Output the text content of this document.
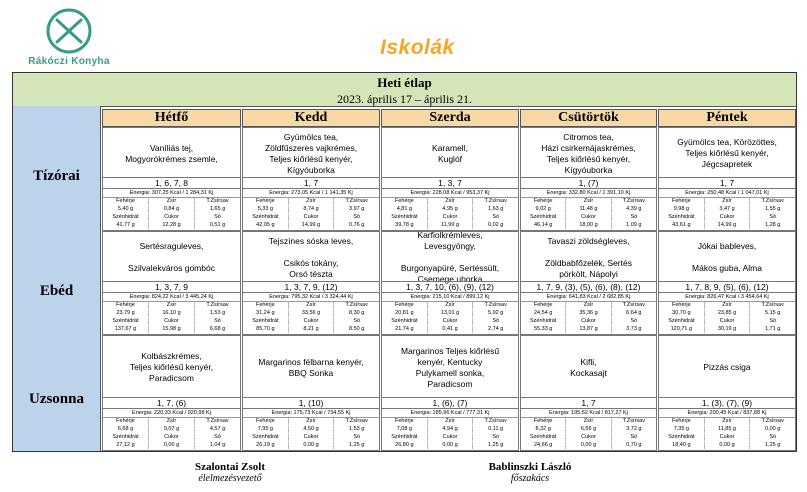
Rákóczi Konyha
Iskolák
Heti étlap
2023. április 17 – április 21.
Hétfő	Kedd	Szerda	Csütörtök	Péntek
Tízórai
Vaníliás tej,
Mogyorókrémes zsemle,
1, 6, 7, 8
Energia: 307,25 Kcal / 1 284,31 Kj
Fehérje	Zsír	T.Zsírsav
5,40 g	0,84 g	1,65 g
Szénhidrát	Cukor	Só
41,77 g	12,28 g	0,51 g
Gyümölcs tea,
Zöldfűszeres vajkrémes,
Teljes kiőrlésű kenyér,
Kígyóuborka
1, 7
Energia: 273,05 Kcal / 1 141,35 Kj
Fehérje	Zsír	T.Zsírsav
5,33 g	8,74 g	3,97 g
Szénhidrát	Cukor	Só
42,05 g	14,99 g	0,76 g
Karamell,
Kuglóf
1, 3, 7
Energia: 228,08 Kcal / 953,37 Kj
Fehérje	Zsír	T.Zsírsav
4,81 g	4,95 g	1,63 g
Szénhidrát	Cukor	Só
39,78 g	11,99 g	0,02 g
Citromos tea,
Házi csirkemájaskrémes,
Teljes kiőrlésű kenyér,
Kígyóuborka
1, (7)
Energia: 332,80 Kcal / 1 391,10 Kj
Fehérje	Zsír	T.Zsírsav
9,02 g	11,48 g	4,39 g
Szénhidrát	Cukor	Só
46,14 g	18,00 g	1,09 g
Gyümölcs tea, Körözöttes,
Teljes kiőrlésű kenyér,
Jégcsapretek
1, 7
Energia: 250,48 Kcal / 1 047,01 Kj
Fehérje	Zsír	T.Zsírsav
9,98 g	3,47 g	1,55 g
Szénhidrát	Cukor	Só
43,61 g	14,99 g	1,28 g
Ebéd
Sertésraguleves,

Szilvalekváros gombóc
1, 3, 7, 9
Energia: 824,22 Kcal / 3 445,24 Kj
Fehérje	Zsír	T.Zsírsav
23,79 g	16,10 g	1,53 g
Szénhidrát	Cukor	Só
137,67 g	15,98 g	6,68 g
Tejszínes sóska leves,

Csikós tokány,
Orsó tészta
1, 3, 7, 9, (12)
Energia: 795,32 Kcal / 3 324,44 Kj
Fehérje	Zsír	T.Zsírsav
31,24 g	33,56 g	8,30 g
Szénhidrát	Cukor	Só
85,70 g	8,21 g	8,50 g
Karfiolkrémleves,
Levesgyöngy,

Burgonyapüré, Sertéssült,
Csemege uborka
1, 3, 7, 10, (6), (9), (12)
Energia: 215,10 Kcal / 899,12 Kj
Fehérje	Zsír	T.Zsírsav
20,81 g	13,01 g	5,92 g
Szénhidrát	Cukor	Só
21,74 g	0,41 g	2,74 g
Tavaszi zöldségleves,

Zöldbabfőzelék, Sertés
pörkölt, Nápolyi
1, 7, 9, (3), (5), (6), (8), (12)
Energia: 641,83 Kcal / 2 682,85 Kj
Fehérje	Zsír	T.Zsírsav
24,54 g	35,36 g	6,64 g
Szénhidrát	Cukor	Só
55,33 g	13,87 g	3,73 g
Jókai bableves,

Mákos guba, Alma
1, 7, 8, 9, (5), (6), (12)
Energia: 826,47 Kcal / 3 454,64 Kj
Fehérje	Zsír	T.Zsírsav
30,70 g	23,85 g	5,15 g
Szénhidrát	Cukor	Só
120,71 g	30,19 g	1,71 g
Uzsonna
Kolbászkrémes,
Teljes kiőrlésű kenyér,
Paradicsom
1, 7, (6)
Energia: 220,33 Kcal / 920,98 Kj
Fehérje	Zsír	T.Zsírsav
6,68 g	9,07 g	4,57 g
Szénhidrát	Cukor	Só
27,12 g	0,00 g	1,04 g
Margarinos félbarna kenyér,
BBQ Sonka
1, (10)
Energia: 175,73 Kcal / 734,55 Kj
Fehérje	Zsír	T.Zsírsav
7,95 g	4,50 g	1,53 g
Szénhidrát	Cukor	Só
26,19 g	0,00 g	1,25 g
Margarinos Teljes kiőrlésű
kenyér, Kentucky
Pulykamell sonka,
Paradicsom
1, (6), (7)
Energia: 185,96 Kcal / 777,31 Kj
Fehérje	Zsír	T.Zsírsav
7,08 g	4,94 g	0,11 g
Szénhidrát	Cukor	Só
26,80 g	0,00 g	1,25 g
Kifli,
Kockasajt
1, 7
Energia: 195,52 Kcal / 817,27 Kj
Fehérje	Zsír	T.Zsírsav
8,32 g	6,56 g	3,72 g
Szénhidrát	Cukor	Só
24,66 g	0,00 g	0,70 g
Pizzás csiga
1, (3), (7), (9)
Energia: 200,45 Kcal / 837,88 Kj
Fehérje	Zsír	T.Zsírsav
7,35 g	11,85 g	0,00 g
Szénhidrát	Cukor	Só
18,40 g	0,00 g	1,25 g
Szalontai Zsolt
élelmezésvezető
Bablinszki László
főszakács
